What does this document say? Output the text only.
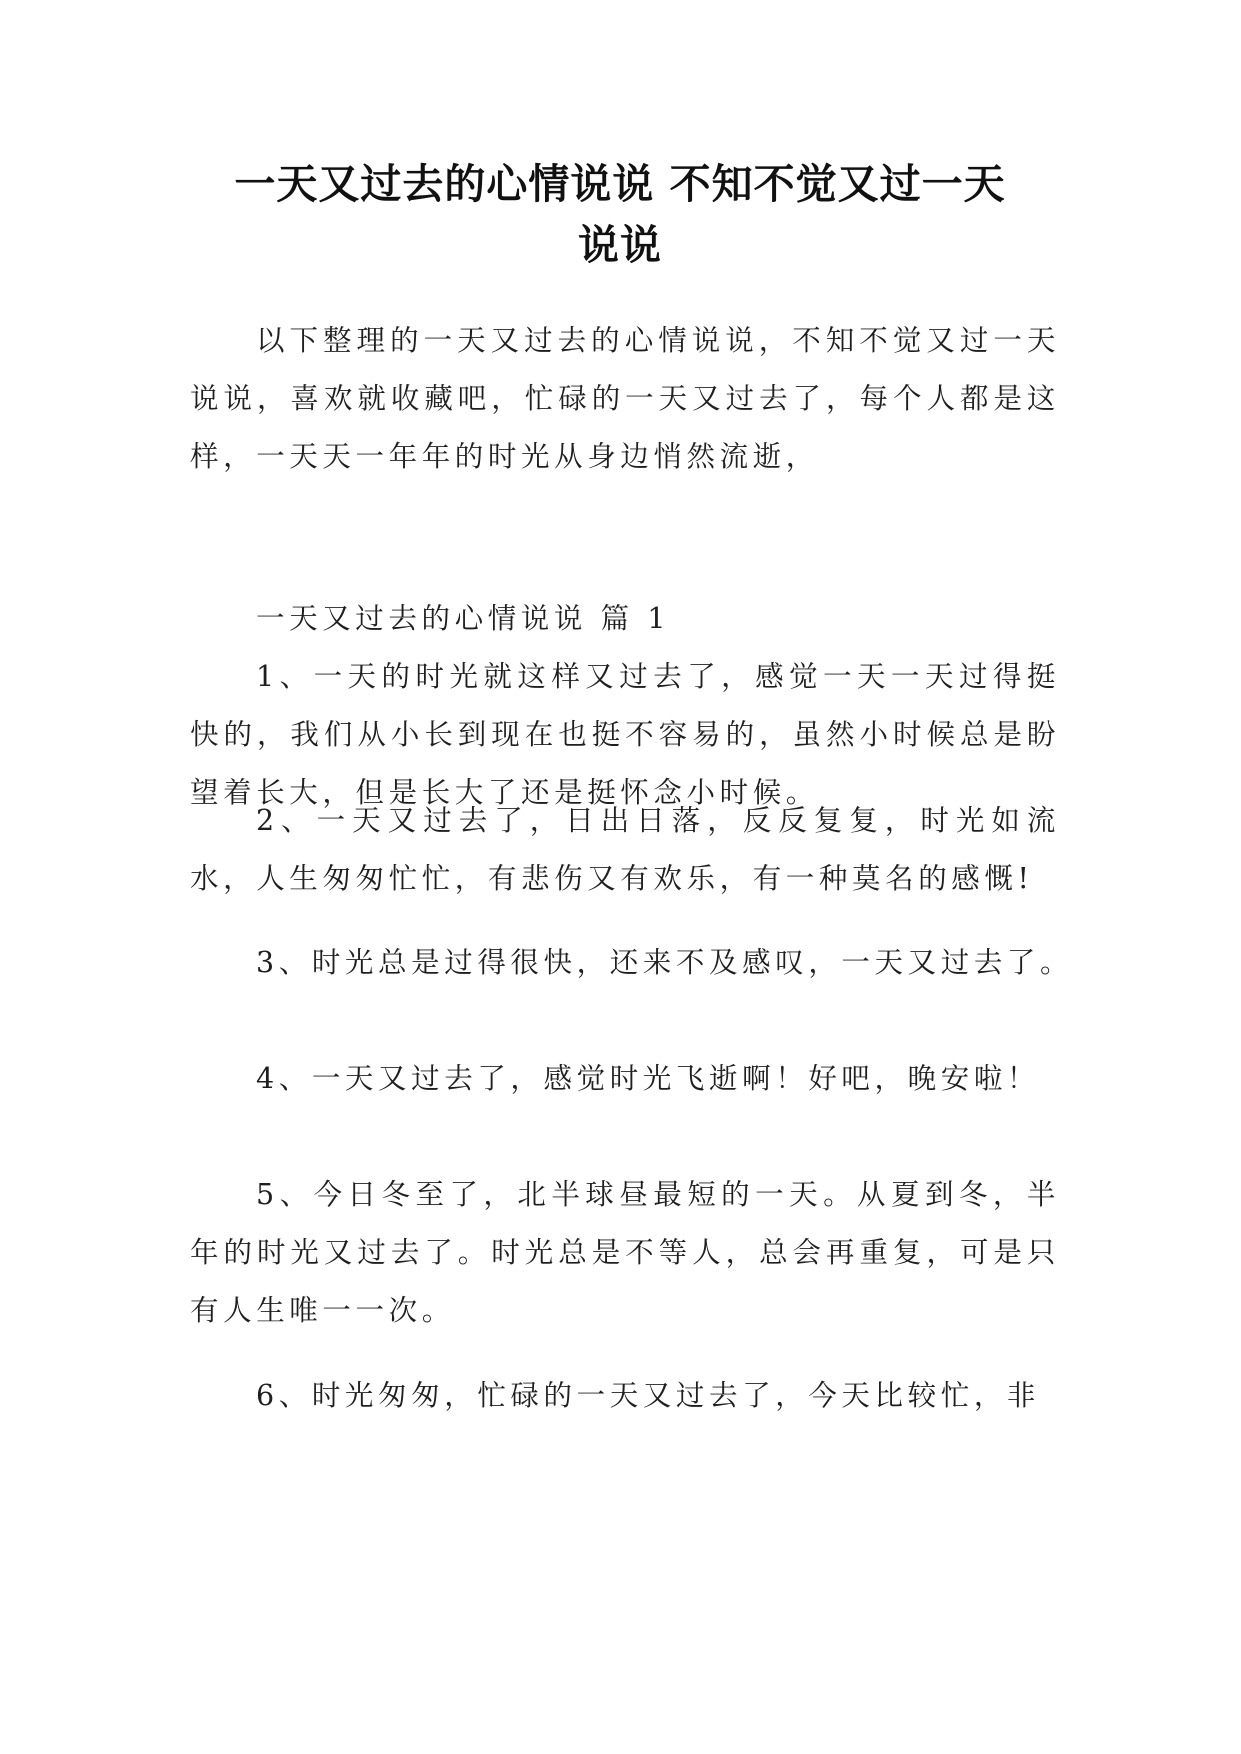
一天又过去的心情说说 不知不觉又过一天
说说

以下整理的一天又过去的心情说说，不知不觉又过一天说说，喜欢就收藏吧，忙碌的一天又过去了，每个人都是这样，一天天一年年的时光从身边悄然流逝，

一天又过去的心情说说 篇 1

1、一天的时光就这样又过去了，感觉一天一天过得挺快的，我们从小长到现在也挺不容易的，虽然小时候总是盼望着长大，但是长大了还是挺怀念小时候。

2、一天又过去了，日出日落，反反复复，时光如流水，人生匆匆忙忙，有悲伤又有欢乐，有一种莫名的感慨!

3、时光总是过得很快，还来不及感叹，一天又过去了。

4、一天又过去了，感觉时光飞逝啊！好吧，晚安啦！

5、今日冬至了，北半球昼最短的一天。从夏到冬，半年的时光又过去了。时光总是不等人，总会再重复，可是只有人生唯一一次。

6、时光匆匆，忙碌的一天又过去了，今天比较忙，非
